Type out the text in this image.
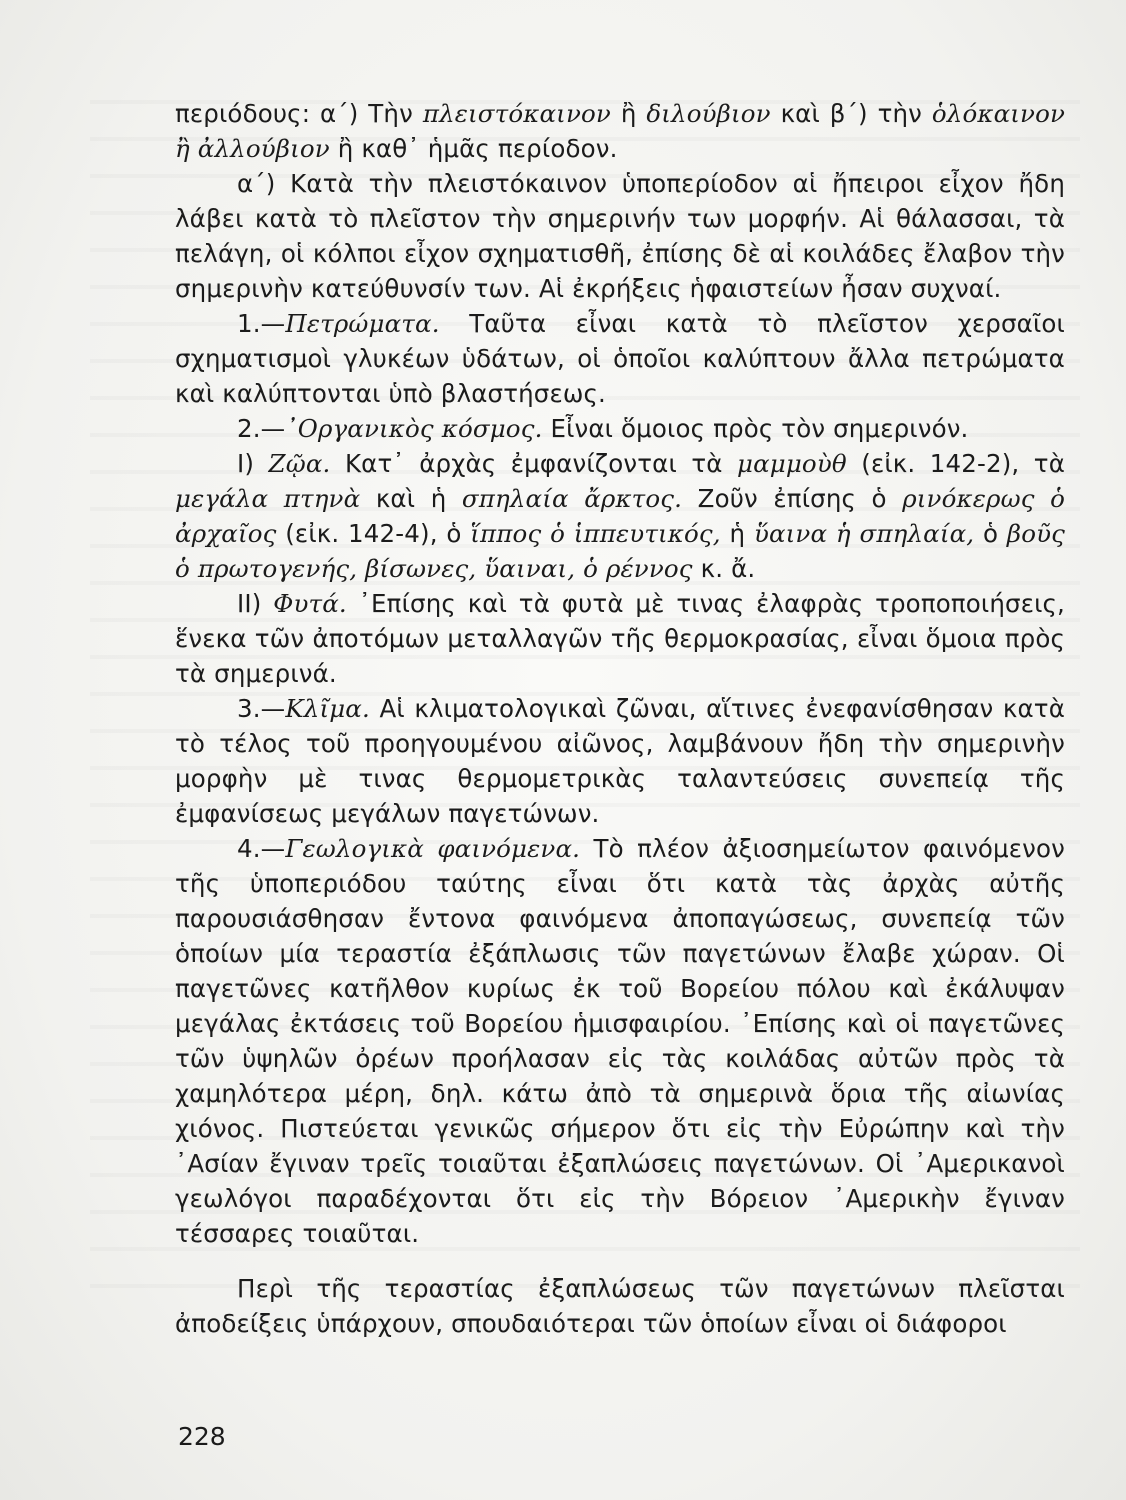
περιόδους: α΄) Τὴν πλειστόκαινον ἢ διλούβιον καὶ β΄) τὴν ὁλόκαινον ἢ ἀλλούβιον ἢ καθ᾽ ἡμᾶς περίοδον.

α΄) Κατὰ τὴν πλειστόκαινον ὑποπερίοδον αἱ ἤπειροι εἶχον ἤδη λάβει κατὰ τὸ πλεῖστον τὴν σημερινήν των μορφήν. Αἱ θάλασσαι, τὰ πελάγη, οἱ κόλποι εἶχον σχηματισθῆ, ἐπίσης δὲ αἱ κοιλάδες ἔλαβον τὴν σημερινὴν κατεύθυνσίν των. Αἱ ἐκρήξεις ἡφαιστείων ἦσαν συχναί.

1.—Πετρώματα. Ταῦτα εἶναι κατὰ τὸ πλεῖστον χερσαῖοι σχηματισμοὶ γλυκέων ὑδάτων, οἱ ὁποῖοι καλύπτουν ἄλλα πετρώματα καὶ καλύπτονται ὑπὸ βλαστήσεως.

2.—᾽Οργανικὸς κόσμος. Εἶναι ὅμοιος πρὸς τὸν σημερινόν.

Ι) Ζῷα. Κατ᾽ ἀρχὰς ἐμφανίζονται τὰ μαμμοὺθ (εἰκ. 142-2), τὰ μεγάλα πτηνὰ καὶ ἡ σπηλαία ἄρκτος. Ζοῦν ἐπίσης ὁ ρινόκερως ὁ ἀρχαῖος (εἰκ. 142-4), ὁ ἵππος ὁ ἱππευτικός, ἡ ὕαινα ἡ σπηλαία, ὁ βοῦς ὁ πρωτογενής, βίσωνες, ὕαιναι, ὁ ρέννος κ. ἄ.

ΙΙ) Φυτά. ᾽Επίσης καὶ τὰ φυτὰ μὲ τινας ἐλαφρὰς τροποποιήσεις, ἕνεκα τῶν ἀποτόμων μεταλλαγῶν τῆς θερμοκρασίας, εἶναι ὅμοια πρὸς τὰ σημερινά.

3.—Κλῖμα. Αἱ κλιματολογικαὶ ζῶναι, αἵτινες ἐνεφανίσθησαν κατὰ τὸ τέλος τοῦ προηγουμένου αἰῶνος, λαμβάνουν ἤδη τὴν σημερινὴν μορφὴν μὲ τινας θερμομετρικὰς ταλαντεύσεις συνεπείᾳ τῆς ἐμφανίσεως μεγάλων παγετώνων.

4.—Γεωλογικὰ φαινόμενα. Τὸ πλέον ἀξιοσημείωτον φαινόμενον τῆς ὑποπεριόδου ταύτης εἶναι ὅτι κατὰ τὰς ἀρχὰς αὐτῆς παρουσιάσθησαν ἔντονα φαινόμενα ἀποπαγώσεως, συνεπείᾳ τῶν ὁποίων μία τεραστία ἐξάπλωσις τῶν παγετώνων ἔλαβε χώραν. Οἱ παγετῶνες κατῆλθον κυρίως ἐκ τοῦ Βορείου πόλου καὶ ἐκάλυψαν μεγάλας ἐκτάσεις τοῦ Βορείου ἡμισφαιρίου. ᾽Επίσης καὶ οἱ παγετῶνες τῶν ὑψηλῶν ὀρέων προήλασαν εἰς τὰς κοιλάδας αὐτῶν πρὸς τὰ χαμηλότερα μέρη, δηλ. κάτω ἀπὸ τὰ σημερινὰ ὅρια τῆς αἰωνίας χιόνος. Πιστεύεται γενικῶς σήμερον ὅτι εἰς τὴν Εὐρώπην καὶ τὴν ᾽Ασίαν ἔγιναν τρεῖς τοιαῦται ἐξαπλώσεις παγετώνων. Οἱ ᾽Αμερικανοὶ γεωλόγοι παραδέχονται ὅτι εἰς τὴν Βόρειον ᾽Αμερικὴν ἔγιναν τέσσαρες τοιαῦται.

Περὶ τῆς τεραστίας ἐξαπλώσεως τῶν παγετώνων πλεῖσται ἀποδείξεις ὑπάρχουν, σπουδαιότεραι τῶν ὁποίων εἶναι οἱ διάφοροι

228
